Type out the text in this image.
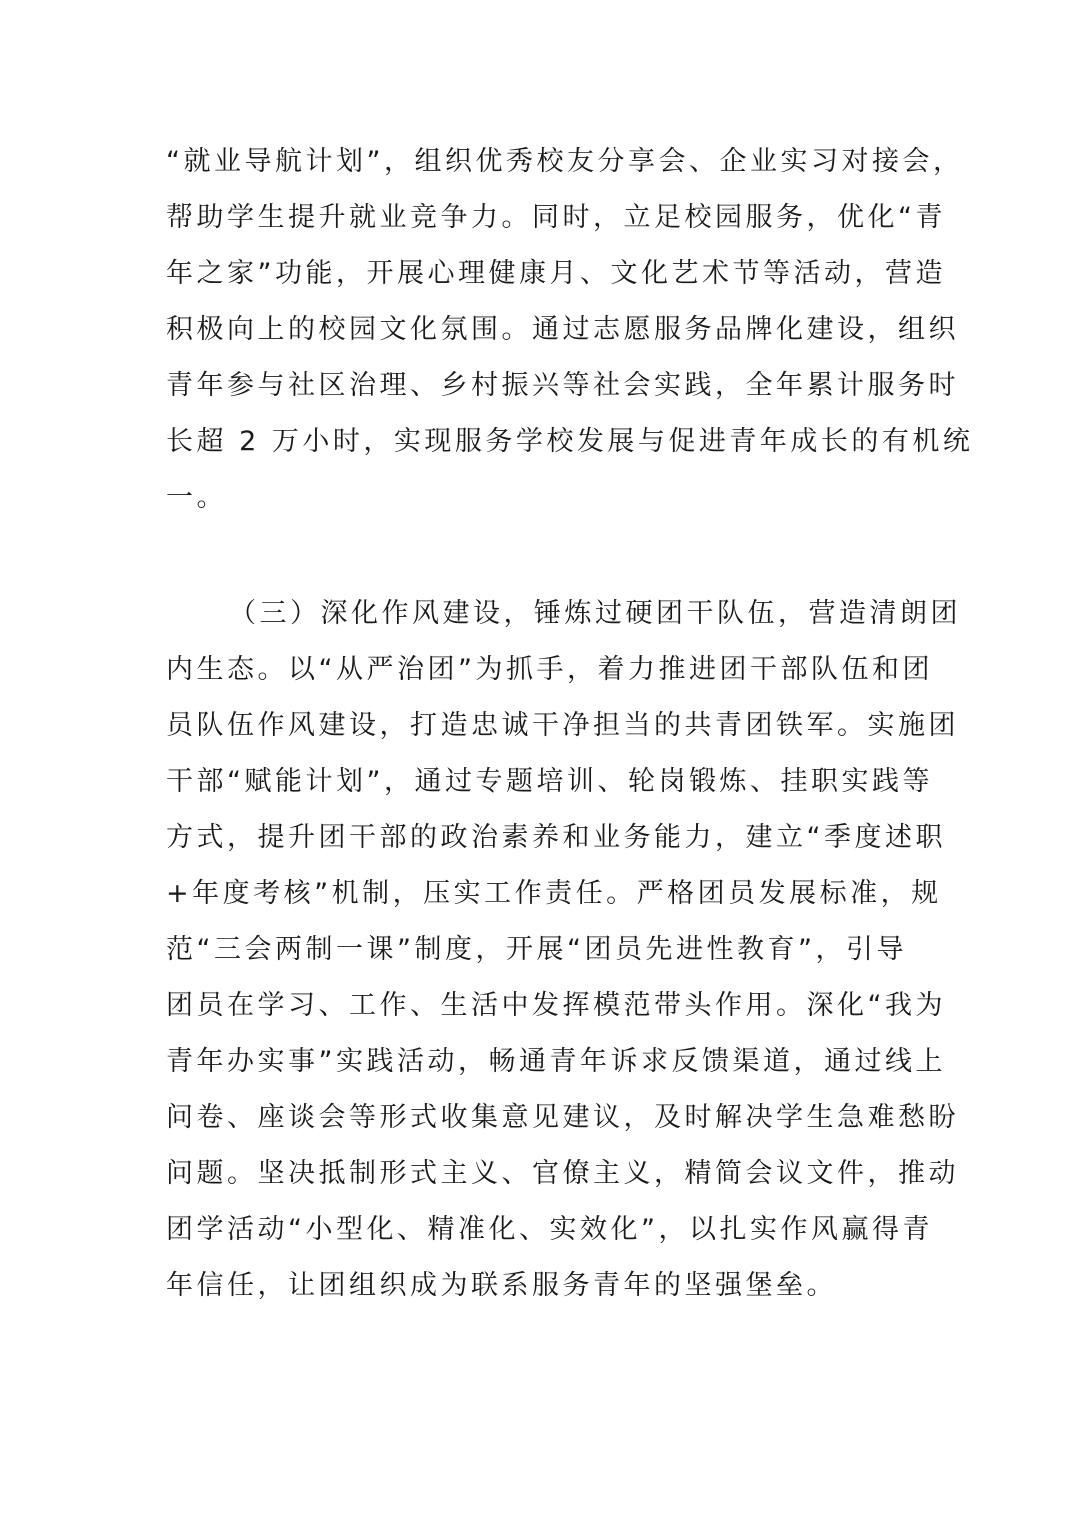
“就业导航计划”，组织优秀校友分享会、企业实习对接会，
帮助学生提升就业竞争力。同时，立足校园服务，优化“青
年之家”功能，开展心理健康月、文化艺术节等活动，营造
积极向上的校园文化氛围。通过志愿服务品牌化建设，组织
青年参与社区治理、乡村振兴等社会实践，全年累计服务时
长超 2 万小时，实现服务学校发展与促进青年成长的有机统
一。
（三）深化作风建设，锤炼过硬团干队伍，营造清朗团
内生态。以“从严治团”为抓手，着力推进团干部队伍和团
员队伍作风建设，打造忠诚干净担当的共青团铁军。实施团
干部“赋能计划”，通过专题培训、轮岗锻炼、挂职实践等
方式，提升团干部的政治素养和业务能力，建立“季度述职
+年度考核”机制，压实工作责任。严格团员发展标准，规
范“三会两制一课”制度，开展“团员先进性教育”，引导
团员在学习、工作、生活中发挥模范带头作用。深化“我为
青年办实事”实践活动，畅通青年诉求反馈渠道，通过线上
问卷、座谈会等形式收集意见建议，及时解决学生急难愁盼
问题。坚决抵制形式主义、官僚主义，精简会议文件，推动
团学活动“小型化、精准化、实效化”，以扎实作风赢得青
年信任，让团组织成为联系服务青年的坚强堡垒。
